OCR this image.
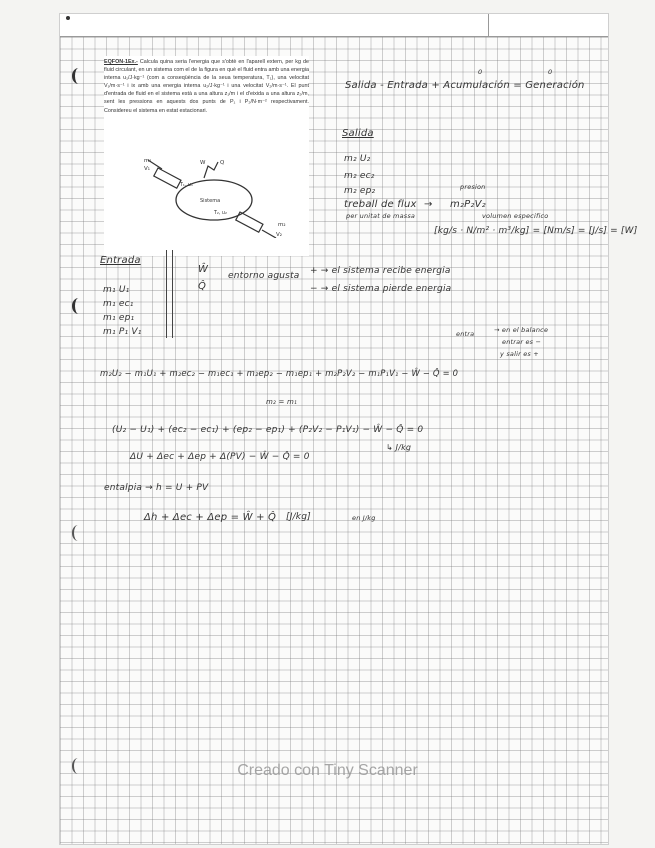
EQFON-1Ex.- Calcula quina seria l'energia que s'obtè en l'aparell extern, per kg de fluid circulant, en un sistema com el de la figura en què el fluid entra amb una energia interna u₁/J·kg⁻¹ (com a conseqüència de la seua temperatura, T₁), una velocitat V₁/m·s⁻¹ i ix amb una energia interna u₂/J·kg⁻¹ i una velocitat V₂/m·s⁻¹. El punt d'entrada de fluid en el sistema està a una altura z₁/m i el d'eixida a una altura z₂/m, sent les pressions en aquests dos punts de P₁ i P₂/N·m⁻² respectivament. Considereu el sistema en estat estacionari.

m₁
V₁
W	Q
T₁, u₁
Sistema
T₂, u₂
m₂
V₂
Salida - Entrada + Acumulación = Generación
0	0
Salida
m₂ U₂
m₂ ec₂
m₂ ep₂
treball de flux → m₂P₂V₂
presion
per unitat de massa	volumen especifico
[kg/s · N/m² · m³/kg] = [Nm/s] = [J/s] = [W]
Entrada
m₁ U₁
m₁ ec₁
m₁ ep₁
m₁ P₁ V₁
Ŵ
Q̂
entorno agusta + → el sistema recibe energia
− → el sistema pierde energia
entra	→ en el balance
entrar es −
y salir es +
m₂U₂ − m₁U₁ + m₂ec₂ − m₁ec₁ + m₂ep₂ − m₁ep₁ + m₂P₂V₂ − m₁P₁V₁ − Ŵ − Q̂ = 0
m₂ = m₁
(U₂ − U₁) + (ec₂ − ec₁) + (ep₂ − ep₁) + (P₂V₂ − P₁V₁) − Ŵ − Q̂ = 0
↳ J/kg
ΔU + Δec + Δep + Δ(PV) − Ŵ − Q̂ = 0
entalpia → h = U + PV
Δh + Δec + Δep = Ŵ + Q̂ [J/kg]	en J/kg
Creado con Tiny Scanner
